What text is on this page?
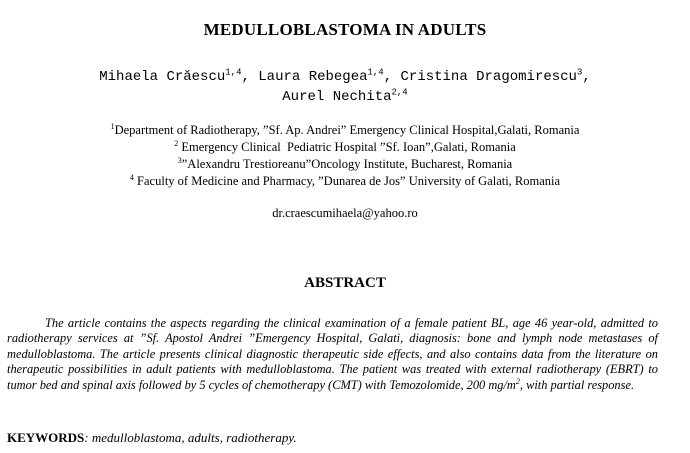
MEDULLOBLASTOMA IN ADULTS
Mihaela Crăescu$^{1,4}$, Laura Rebegea$^{1,4}$, Cristina Dragomirescu$^3$,
Aurel Nechita$^{2,4}$
$^1$Department of Radiotherapy, ”Sf. Ap. Andrei” Emergency Clinical Hospital,Galati, Romania
$^2$ Emergency Clinical  Pediatric Hospital ”Sf. Ioan”,Galati, Romania
$^3$”Alexandru Trestioreanu”Oncology Institute, Bucharest, Romania
$^4$ Faculty of Medicine and Pharmacy, ”Dunarea de Jos” University of Galati, Romania
dr.craescumihaela@yahoo.ro
ABSTRACT
The article contains the aspects regarding the clinical examination of a female patient BL, age 46 year-old, admitted to radiotherapy services at ”Sf. Apostol Andrei ”Emergency Hospital, Galati, diagnosis: bone and lymph node metastases of medulloblastoma. The article presents clinical diagnostic therapeutic side effects, and also contains data from the literature on therapeutic possibilities in adult patients with medulloblastoma. The patient was treated with external radiotherapy (EBRT) to tumor bed and spinal axis followed by 5 cycles of chemotherapy (CMT) with Temozolomide, 200 $mg/m^2$, with partial response.
KEYWORDS: medulloblastoma, adults, radiotherapy.
